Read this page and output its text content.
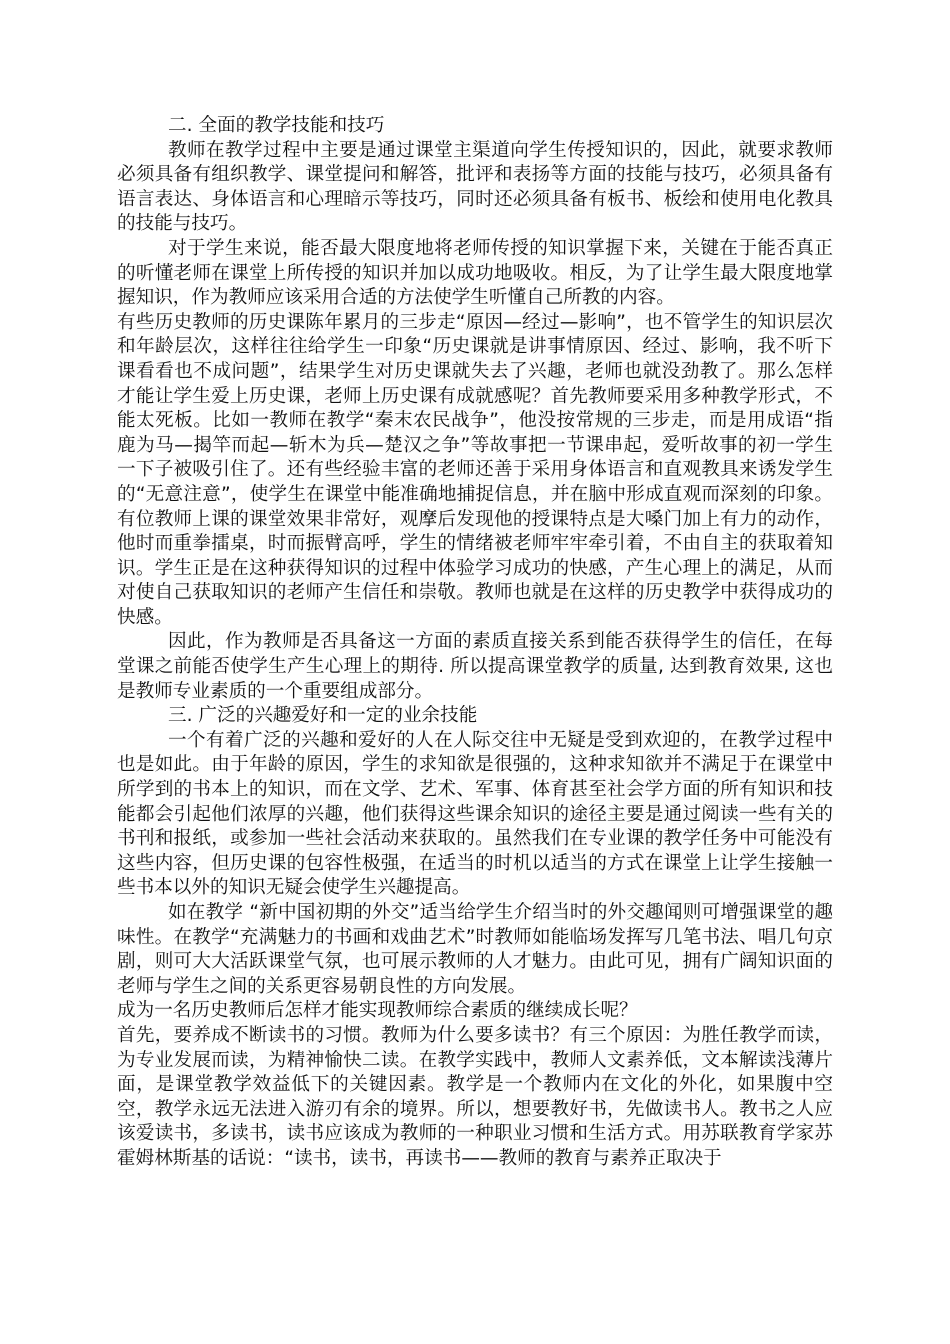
二. 全面的教学技能和技巧

教师在教学过程中主要是通过课堂主渠道向学生传授知识的，因此，就要求教师必须具备有组织教学、课堂提问和解答，批评和表扬等方面的技能与技巧，必须具备有语言表达、身体语言和心理暗示等技巧，同时还必须具备有板书、板绘和使用电化教具的技能与技巧。

对于学生来说，能否最大限度地将老师传授的知识掌握下来，关键在于能否真正的听懂老师在课堂上所传授的知识并加以成功地吸收。相反，为了让学生最大限度地掌握知识，作为教师应该采用合适的方法使学生听懂自己所教的内容。

有些历史教师的历史课陈年累月的三步走“原因—经过—影响”，也不管学生的知识层次和年龄层次，这样往往给学生一印象“历史课就是讲事情原因、经过、影响，我不听下课看看也不成问题”，结果学生对历史课就失去了兴趣，老师也就没劲教了。那么怎样才能让学生爱上历史课，老师上历史课有成就感呢？首先教师要采用多种教学形式，不能太死板。比如一教师在教学“秦末农民战争”，他没按常规的三步走，而是用成语“指鹿为马—揭竿而起—斩木为兵—楚汉之争”等故事把一节课串起，爱听故事的初一学生一下子被吸引住了。还有些经验丰富的老师还善于采用身体语言和直观教具来诱发学生的“无意注意”，使学生在课堂中能准确地捕捉信息，并在脑中形成直观而深刻的印象。有位教师上课的课堂效果非常好，观摩后发现他的授课特点是大嗓门加上有力的动作，他时而重拳擂桌，时而振臂高呼，学生的情绪被老师牢牢牵引着，不由自主的获取着知识。学生正是在这种获得知识的过程中体验学习成功的快感，产生心理上的满足，从而对使自己获取知识的老师产生信任和崇敬。教师也就是在这样的历史教学中获得成功的快感。

因此，作为教师是否具备这一方面的素质直接关系到能否获得学生的信任，在每堂课之前能否使学生产生心理上的期待. 所以提高课堂教学的质量, 达到教育效果, 这也是教师专业素质的一个重要组成部分。

三. 广泛的兴趣爱好和一定的业余技能

一个有着广泛的兴趣和爱好的人在人际交往中无疑是受到欢迎的，在教学过程中也是如此。由于年龄的原因，学生的求知欲是很强的，这种求知欲并不满足于在课堂中所学到的书本上的知识，而在文学、艺术、军事、体育甚至社会学方面的所有知识和技能都会引起他们浓厚的兴趣，他们获得这些课余知识的途径主要是通过阅读一些有关的书刊和报纸，或参加一些社会活动来获取的。虽然我们在专业课的教学任务中可能没有这些内容，但历史课的包容性极强，在适当的时机以适当的方式在课堂上让学生接触一些书本以外的知识无疑会使学生兴趣提高。

如在教学 “新中国初期的外交”适当给学生介绍当时的外交趣闻则可增强课堂的趣味性。在教学“充满魅力的书画和戏曲艺术”时教师如能临场发挥写几笔书法、唱几句京剧，则可大大活跃课堂气氛，也可展示教师的人才魅力。由此可见，拥有广阔知识面的老师与学生之间的关系更容易朝良性的方向发展。

成为一名历史教师后怎样才能实现教师综合素质的继续成长呢？

首先，要养成不断读书的习惯。教师为什么要多读书？有三个原因：为胜任教学而读，为专业发展而读，为精神愉快二读。在教学实践中，教师人文素养低，文本解读浅薄片面，是课堂教学效益低下的关键因素。教学是一个教师内在文化的外化，如果腹中空空，教学永远无法进入游刃有余的境界。所以，想要教好书，先做读书人。教书之人应该爱读书，多读书，读书应该成为教师的一种职业习惯和生活方式。用苏联教育学家苏霍姆林斯基的话说：“读书，读书，再读书——教师的教育与素养正取决于
